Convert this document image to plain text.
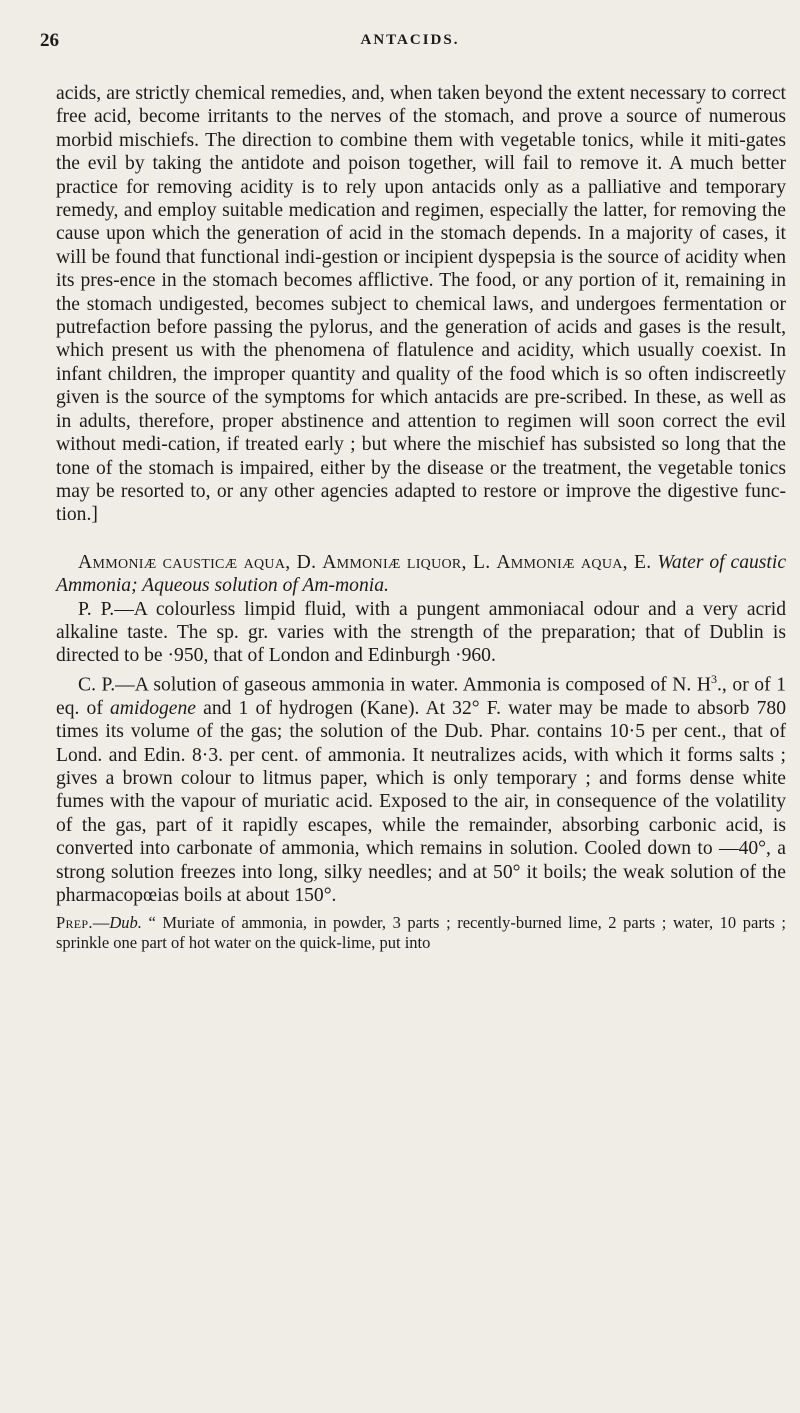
26	ANTACIDS.

acids, are strictly chemical remedies, and, when taken beyond the extent necessary to correct free acid, become irritants to the nerves of the stomach, and prove a source of numerous morbid mischiefs. The direction to combine them with vegetable tonics, while it miti-gates the evil by taking the antidote and poison together, will fail to remove it. A much better practice for removing acidity is to rely upon antacids only as a palliative and temporary remedy, and employ suitable medication and regimen, especially the latter, for removing the cause upon which the generation of acid in the stomach depends. In a majority of cases, it will be found that functional indi-gestion or incipient dyspepsia is the source of acidity when its pres-ence in the stomach becomes afflictive. The food, or any portion of it, remaining in the stomach undigested, becomes subject to chemical laws, and undergoes fermentation or putrefaction before passing the pylorus, and the generation of acids and gases is the result, which present us with the phenomena of flatulence and acidity, which usually coexist. In infant children, the improper quantity and quality of the food which is so often indiscreetly given is the source of the symptoms for which antacids are pre-scribed. In these, as well as in adults, therefore, proper abstinence and attention to regimen will soon correct the evil without medi-cation, if treated early ; but where the mischief has subsisted so long that the tone of the stomach is impaired, either by the disease or the treatment, the vegetable tonics may be resorted to, or any other agencies adapted to restore or improve the digestive func-tion.]

Ammoniæ causticæ aqua, D. Ammoniæ liquor, L. Ammoniæ aqua, E. Water of caustic Ammonia; Aqueous solution of Am-monia.

P. P.—A colourless limpid fluid, with a pungent ammoniacal odour and a very acrid alkaline taste. The sp. gr. varies with the strength of the preparation; that of Dublin is directed to be ·950, that of London and Edinburgh ·960.

C. P.—A solution of gaseous ammonia in water. Ammonia is composed of N. $H^3$., or of 1 eq. of amidogene and 1 of hydrogen (Kane). At 32° F. water may be made to absorb 780 times its volume of the gas; the solution of the Dub. Phar. contains 10·5 per cent., that of Lond. and Edin. 8·3. per cent. of ammonia. It neutralizes acids, with which it forms salts ; gives a brown colour to litmus paper, which is only temporary ; and forms dense white fumes with the vapour of muriatic acid. Exposed to the air, in consequence of the volatility of the gas, part of it rapidly escapes, while the remainder, absorbing carbonic acid, is converted into carbonate of ammonia, which remains in solution. Cooled down to —40°, a strong solution freezes into long, silky needles; and at 50° it boils; the weak solution of the pharmacopœias boils at about 150°.

Prep.—Dub. “ Muriate of ammonia, in powder, 3 parts ; recently-burned lime, 2 parts ; water, 10 parts ; sprinkle one part of hot water on the quick-lime, put into
